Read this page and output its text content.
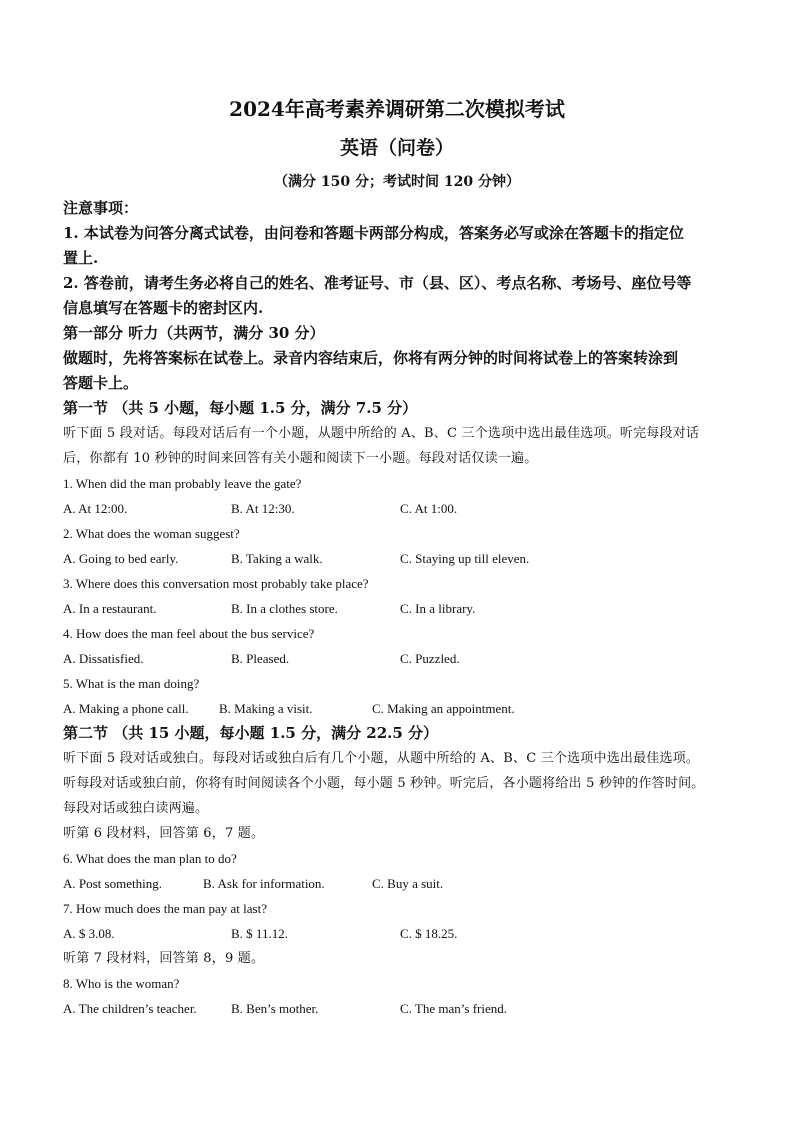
2024年高考素养调研第二次模拟考试
英语（问卷）
（满分 150 分；考试时间 120 分钟）

注意事项：

1. 本试卷为问答分离式试卷，由问卷和答题卡两部分构成，答案务必写或涂在答题卡的指定位

置上.

2. 答卷前，请考生务必将自己的姓名、准考证号、市（县、区）、考点名称、考场号、座位号等

信息填写在答题卡的密封区内.

第一部分 听力（共两节，满分 30 分）

做题时，先将答案标在试卷上。录音内容结束后，你将有两分钟的时间将试卷上的答案转涂到

答题卡上。

第一节 （共 5 小题，每小题 1.5 分，满分 7.5 分）

听下面 5 段对话。每段对话后有一个小题，从题中所给的 A、B、C 三个选项中选出最佳选项。听完每段对话

后，你都有 10 秒钟的时间来回答有关小题和阅读下一小题。每段对话仅读一遍。

1. When did the man probably leave the gate?

A. At 12:00.	B. At 12:30.	C. At 1:00.

2. What does the woman suggest?

A. Going to bed early.	B. Taking a walk.	C. Staying up till eleven.

3. Where does this conversation most probably take place?

A. In a restaurant.	B. In a clothes store.	C. In a library.

4. How does the man feel about the bus service?

A. Dissatisfied.	B. Pleased.	C. Puzzled.

5. What is the man doing?

A. Making a phone call. B. Making a visit.	C. Making an appointment.

第二节 （共 15 小题，每小题 1.5 分，满分 22.5 分）

听下面 5 段对话或独白。每段对话或独白后有几个小题，从题中所给的 A、B、C 三个选项中选出最佳选项。

听每段对话或独白前，你将有时间阅读各个小题，每小题 5 秒钟。听完后，各小题将给出 5 秒钟的作答时间。

每段对话或独白读两遍。

听第 6 段材料，回答第 6，7 题。

6. What does the man plan to do?

A. Post something.	B. Ask for information.	C. Buy a suit.

7. How much does the man pay at last?

A. $ 3.08.	B. $ 11.12.	C. $ 18.25.

听第 7 段材料，回答第 8，9 题。

8. Who is the woman?

A. The children’s teacher.	B. Ben’s mother.	C. The man’s friend.
